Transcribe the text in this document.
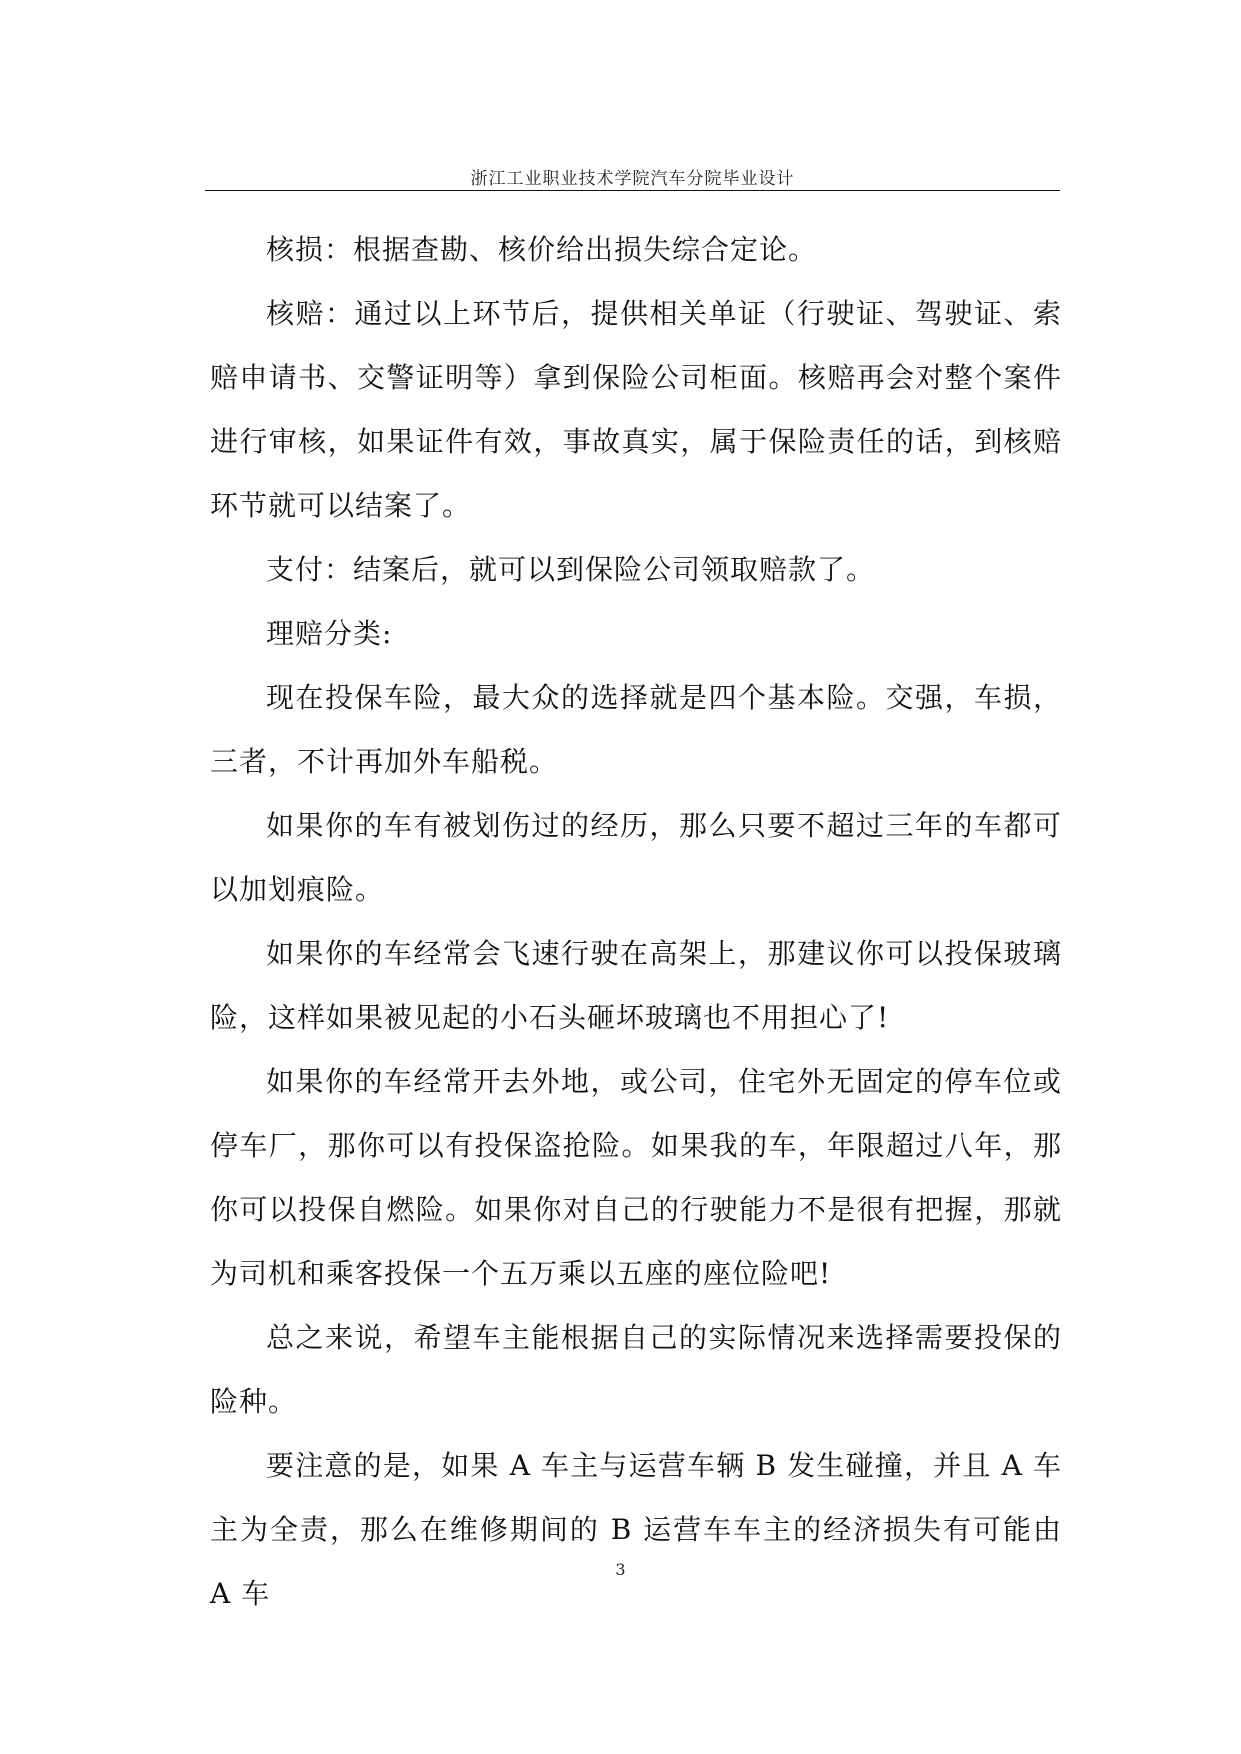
浙江工业职业技术学院汽车分院毕业设计

核损：根据查勘、核价给出损失综合定论。

核赔：通过以上环节后，提供相关单证（行驶证、驾驶证、索赔申请书、交警证明等）拿到保险公司柜面。核赔再会对整个案件进行审核，如果证件有效，事故真实，属于保险责任的话，到核赔环节就可以结案了。

支付：结案后，就可以到保险公司领取赔款了。

理赔分类:

现在投保车险，最大众的选择就是四个基本险。交强，车损，三者，不计再加外车船税。

如果你的车有被划伤过的经历，那么只要不超过三年的车都可以加划痕险。

如果你的车经常会飞速行驶在高架上，那建议你可以投保玻璃险，这样如果被见起的小石头砸坏玻璃也不用担心了!

如果你的车经常开去外地，或公司，住宅外无固定的停车位或停车厂，那你可以有投保盗抢险。如果我的车，年限超过八年，那你可以投保自燃险。如果你对自己的行驶能力不是很有把握，那就为司机和乘客投保一个五万乘以五座的座位险吧!

总之来说，希望车主能根据自己的实际情况来选择需要投保的险种。

要注意的是，如果 A 车主与运营车辆 B 发生碰撞，并且 A 车主为全责，那么在维修期间的 B 运营车车主的经济损失有可能由 A 车

3
